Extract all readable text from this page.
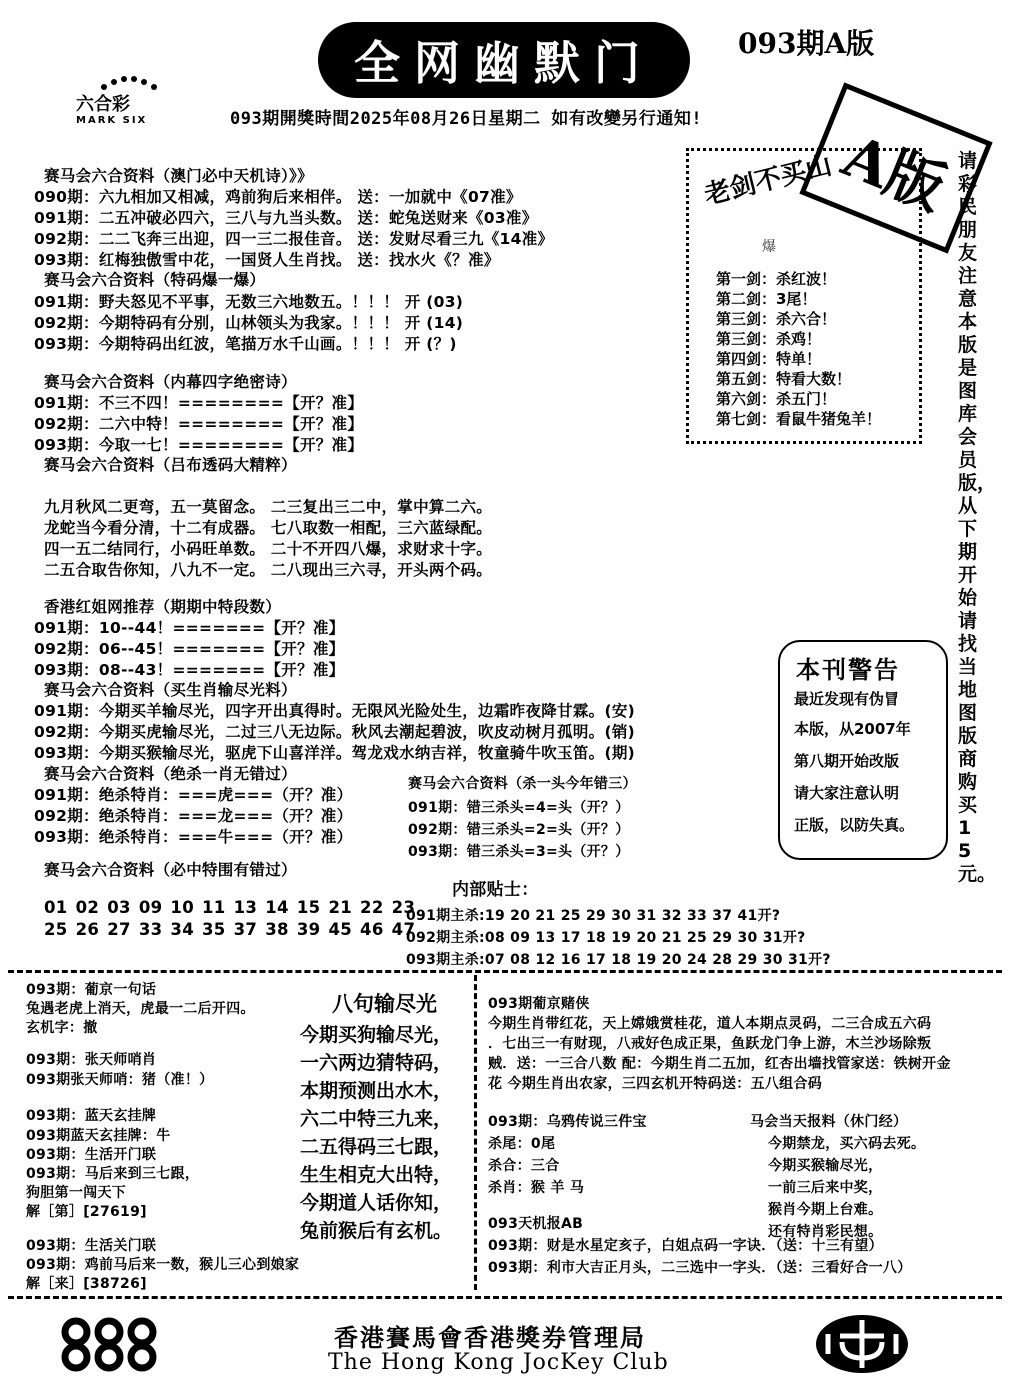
全网幽默门	093期A版
093期開獎時間2025年08月26日星期二 如有改變另行通知!
六合彩
MARK SIX
A版
赛马会六合资料（澳门必中天机诗）》》
090期：六九相加又相减，鸡前狗后来相伴。 送：一加就中《07准》
091期：二五冲破必四六，三八与九当头数。 送：蛇兔送财来《03准》
092期：二二飞奔三出迎，四一三二报佳音。 送：发财尽看三九《14准》
093期：红梅独傲雪中花，一国贤人生肖找。 送：找水火《？准》
赛马会六合资料（特码爆一爆）
091期：野夫怒见不平事，无数三六地数五。！！！ 开 (03)
092期：今期特码有分别，山林领头为我家。！！！ 开 (14)
093期：今期特码出红波，笔描万水千山画。！！！ 开 (？)
赛马会六合资料（内幕四字绝密诗）
091期：不三不四！========【开？准】
092期：二六中特！========【开？准】
093期：今取一七！========【开？准】
赛马会六合资料（吕布透码大精粹）
九月秋风二更弯，五一莫留念。 二三复出三二中，掌中算二六。
龙蛇当今看分清，十二有成器。 七八取数一相配，三六蓝绿配。
四一五二结同行，小码旺单数。 二十不开四八爆，求财求十字。
二五合取告你知，八九不一定。 二八现出三六寻，开头两个码。
香港红姐网推荐（期期中特段数）
091期：10--44！=======【开？准】
092期：06--45！=======【开？准】
093期：08--43！=======【开？准】
赛马会六合资料（买生肖输尽光料）
091期：今期买羊输尽光，四字开出真得时。无限风光险处生，边霜昨夜降甘霖。(安)
092期：今期买虎输尽光，二过三八无边际。秋风去潮起碧波，吹皮动树月孤明。(销)
093期：今期买猴输尽光，驱虎下山喜洋洋。驾龙戏水纳吉祥，牧童骑牛吹玉笛。(期)
赛马会六合资料（绝杀一肖无错过）
091期：绝杀特肖：===虎===（开？准）
092期：绝杀特肖：===龙===（开？准）
093期：绝杀特肖：===牛===（开？准）
赛马会六合资料（必中特围有错过）
01 02 03 09 10 11 13 14 15 21 22 23
25 26 27 33 34 35 37 38 39 45 46 47
赛马会六合资料（杀一头今年错三）
091期：错三杀头=4=头（开？）
092期：错三杀头=2=头（开？）
093期：错三杀头=3=头（开？）
内部贴士：
091期主杀:19 20 21 25 29 30 31 32 33 37 41开?
092期主杀:08 09 13 17 18 19 20 21 25 29 30 31开?
093期主杀:07 08 12 16 17 18 19 20 24 28 29 30 31开?
老剑不买山
爆
第一剑：杀红波！
第二剑：3尾！
第三剑：杀六合！
第三剑：杀鸡！
第四剑：特单！
第五剑：特看大数！
第六剑：杀五门！
第七剑：看鼠牛猪兔羊！
请彩民朋友注意本版是图库会员版，从下期开始请找当地图版商购买15元。
本刊警告
最近发现有伪冒
本版，从2007年
第八期开始改版
请大家注意认明
正版，以防失真。
093期：葡京一句话
兔遇老虎上消天，虎最一二后开四。
玄机字：撤
093期：张天师哨肖
093期张天师哨：猪（准！）
093期：蓝天玄挂牌
093期蓝天玄挂牌：牛
093期：生活开门联
093期：马后来到三七跟，
狗胆第一闯天下
解［第］[27619]
093期：生活关门联
093期：鸡前马后来一数，猴儿三心到娘家
解［来］[38726]
八句输尽光
今期买狗输尽光，
一六两边猜特码，
本期预测出水木，
六二中特三九来，
二五得码三七跟，
生生相克大出特，
今期道人话你知，
兔前猴后有玄机。
093期葡京赌侠
今期生肖带红花，天上嫦娥赏桂花，道人本期点灵码，二三合成五六码
．七出三一有财现，八戒好色成正果，鱼跃龙门争上游，木兰沙场除叛
贼．送：一三合八数 配：今期生肖二五加，红杏出墙找管家送：铁树开金
花 今期生肖出农家，三四玄机开特码送：五八组合码
093期：乌鸦传说三件宝
杀尾：0尾
杀合：三合
杀肖：猴 羊 马
马会当天报料（休门经）
今期禁龙，买六码去死。
今期买猴输尽光，
一前三后来中奖，
猴肖今期上台难。
还有特肖彩民想。
093天机报AB
093期：财是水星定亥子，白姐点码一字诀．（送：十三有望）
093期：利市大吉正月头，二三选中一字头．（送：三看好合一八）
香港賽馬會香港獎券管理局
The Hong Kong JocKey Club
